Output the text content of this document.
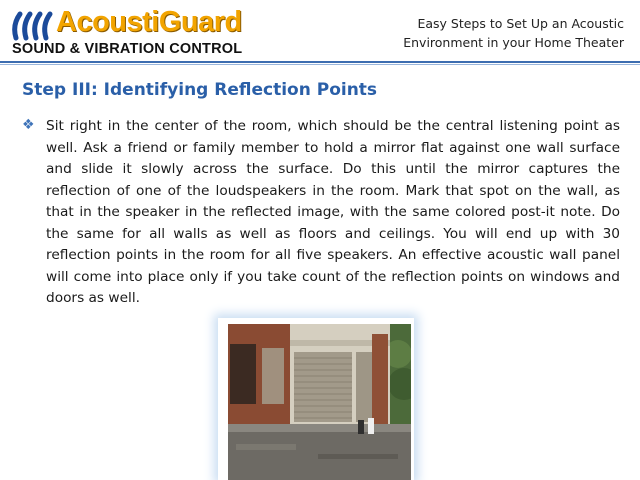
AcoustiGuard
SOUND & VIBRATION CONTROL
Easy Steps to Set Up an Acoustic
Environment in your Home Theater
Step III: Identifying Reflection Points
❖ Sit right in the center of the room, which should be the central listening point as well. Ask a friend or family member to hold a mirror flat against one wall surface and slide it slowly across the surface. Do this until the mirror captures the reflection of one of the loudspeakers in the room. Mark that spot on the wall, as that in the speaker in the reflected image, with the same colored post-it note. Do the same for all walls as well as floors and ceilings. You will end up with 30 reflection points in the room for all five speakers. An effective acoustic wall panel will come into place only if you take count of the reflection points on windows and doors as well.
